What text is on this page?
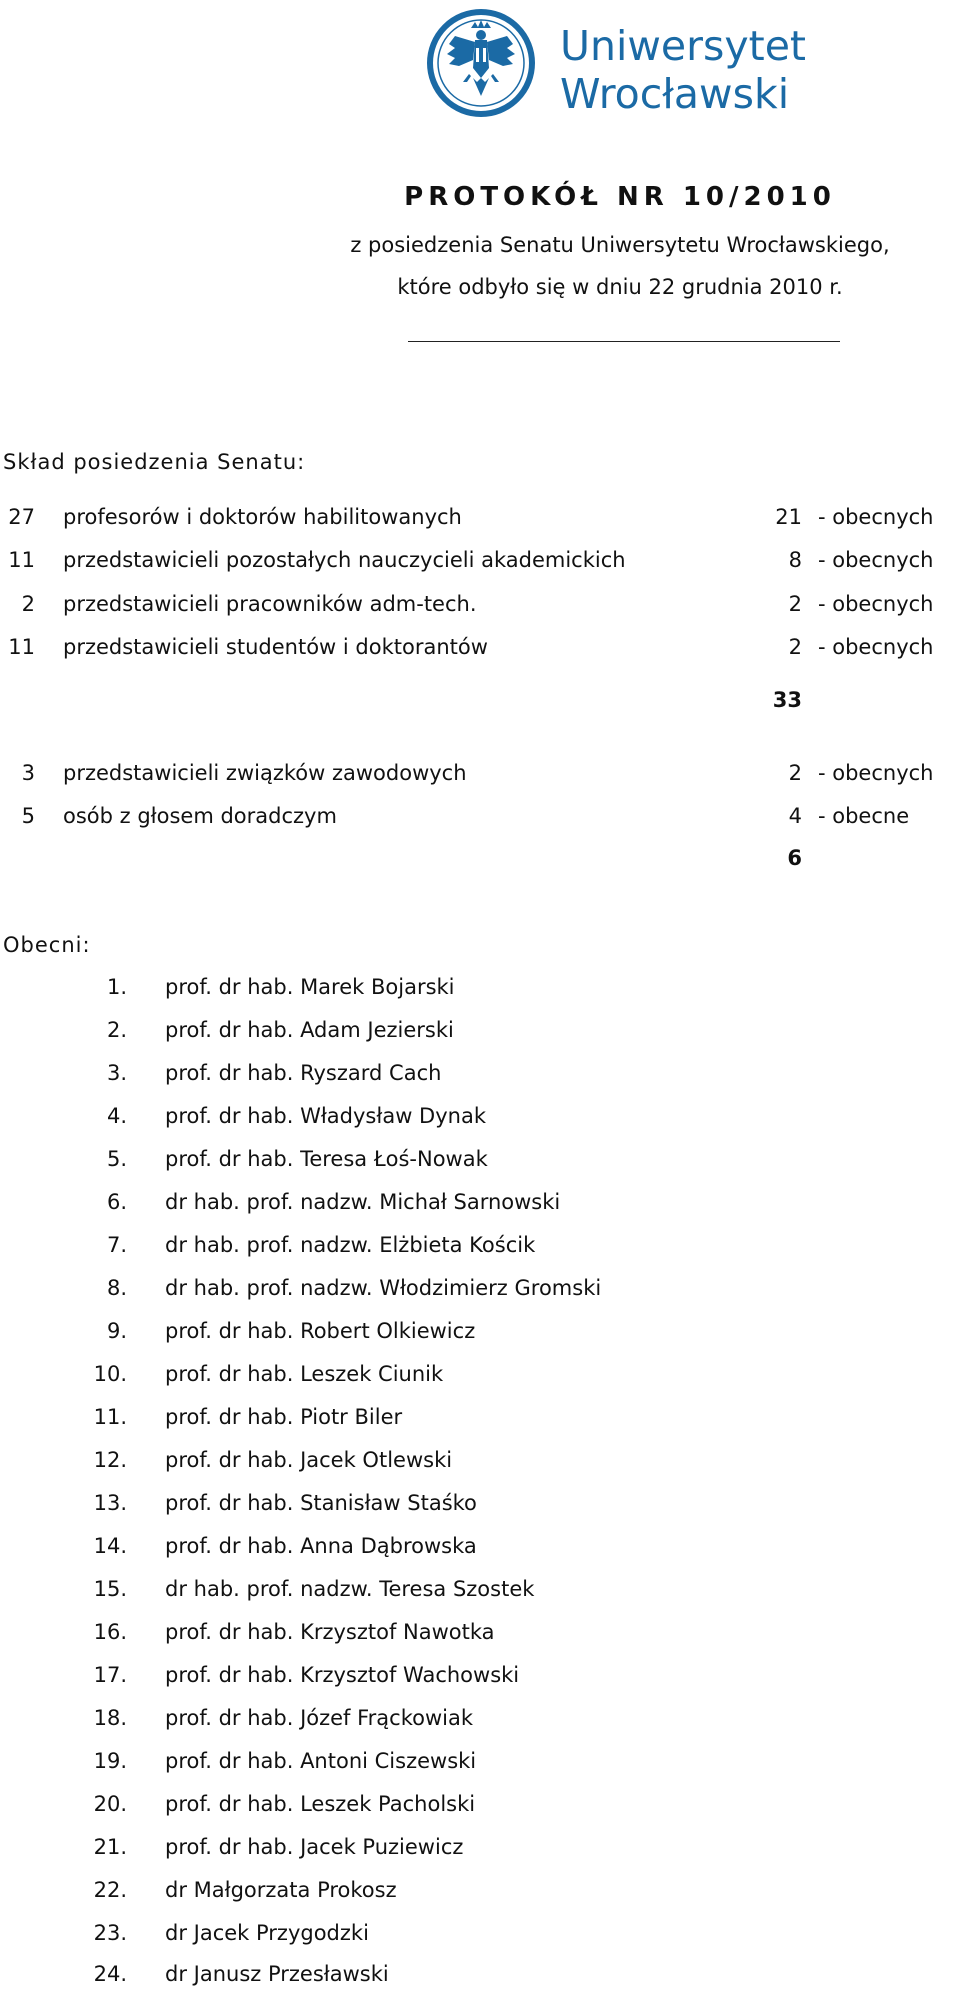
Uniwersytet
Wrocławski
PROTOKÓŁ NR 10/2010
z posiedzenia Senatu Uniwersytetu Wrocławskiego,
które odbyło się w dniu 22 grudnia 2010 r.
Skład posiedzenia Senatu:
27 profesorów i doktorów habilitowanych	21 - obecnych
11 przedstawicieli pozostałych nauczycieli akademickich	8 - obecnych
2 przedstawicieli pracowników adm-tech.	2 - obecnych
11 przedstawicieli studentów i doktorantów	2 - obecnych
33
3 przedstawicieli związków zawodowych	2 - obecnych
5 osób z głosem doradczym	4 - obecne
6
Obecni:
1. prof. dr hab. Marek Bojarski
2. prof. dr hab. Adam Jezierski
3. prof. dr hab. Ryszard Cach
4. prof. dr hab. Władysław Dynak
5. prof. dr hab. Teresa Łoś-Nowak
6. dr hab. prof. nadzw. Michał Sarnowski
7. dr hab. prof. nadzw. Elżbieta Kościk
8. dr hab. prof. nadzw. Włodzimierz Gromski
9. prof. dr hab. Robert Olkiewicz
10. prof. dr hab. Leszek Ciunik
11. prof. dr hab. Piotr Biler
12. prof. dr hab. Jacek Otlewski
13. prof. dr hab. Stanisław Staśko
14. prof. dr hab. Anna Dąbrowska
15. dr hab. prof. nadzw. Teresa Szostek
16. prof. dr hab. Krzysztof Nawotka
17. prof. dr hab. Krzysztof Wachowski
18. prof. dr hab. Józef Frąckowiak
19. prof. dr hab. Antoni Ciszewski
20. prof. dr hab. Leszek Pacholski
21. prof. dr hab. Jacek Puziewicz
22. dr Małgorzata Prokosz
23. dr Jacek Przygodzki
24. dr Janusz Przesławski
